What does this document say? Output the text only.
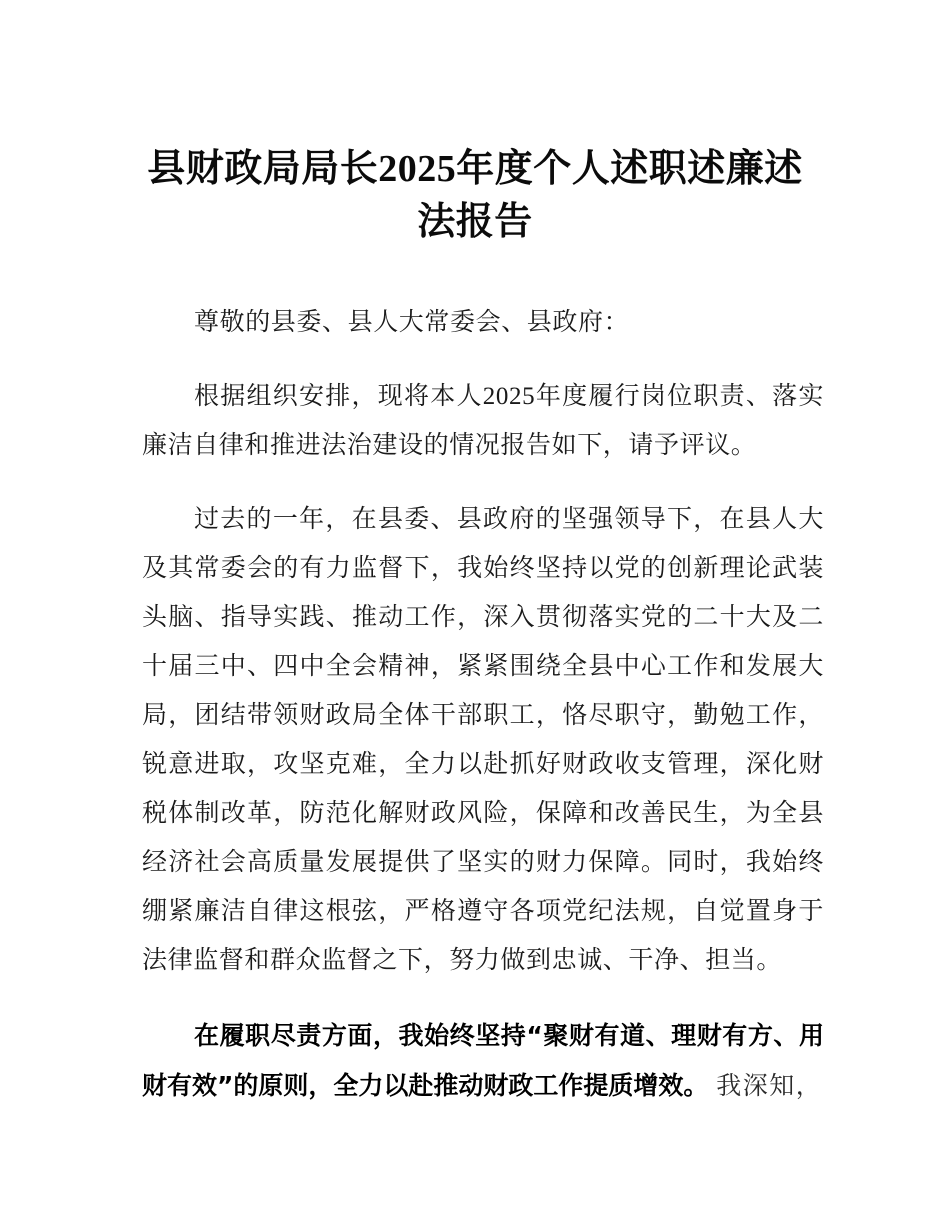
县财政局局长2025年度个人述职述廉述法报告

尊敬的县委、县人大常委会、县政府：

根据组织安排，现将本人2025年度履行岗位职责、落实廉洁自律和推进法治建设的情况报告如下，请予评议。

过去的一年，在县委、县政府的坚强领导下，在县人大及其常委会的有力监督下，我始终坚持以党的创新理论武装头脑、指导实践、推动工作，深入贯彻落实党的二十大及二十届三中、四中全会精神，紧紧围绕全县中心工作和发展大局，团结带领财政局全体干部职工，恪尽职守，勤勉工作，锐意进取，攻坚克难，全力以赴抓好财政收支管理，深化财税体制改革，防范化解财政风险，保障和改善民生，为全县经济社会高质量发展提供了坚实的财力保障。同时，我始终绷紧廉洁自律这根弦，严格遵守各项党纪法规，自觉置身于法律监督和群众监督之下，努力做到忠诚、干净、担当。

在履职尽责方面，我始终坚持“聚财有道、理财有方、用财有效”的原则，全力以赴推动财政工作提质增效。 我深知，
